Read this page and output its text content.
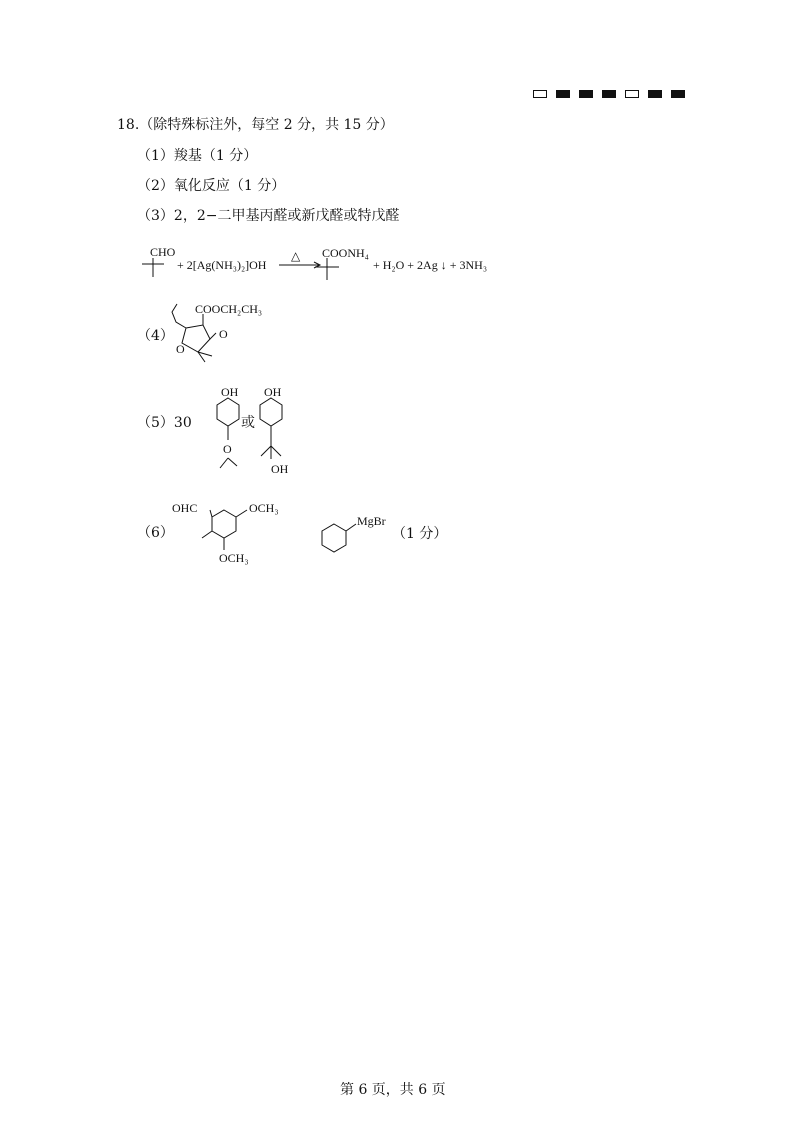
18.（除特殊标注外，每空 2 分，共 15 分）
（1）羧基（1 分）
（2）氧化反应（1 分）
（3）2，2−二甲基丙醛或新戊醛或特戊醛
CHO
+ 2[Ag(NH₃)₂]OH
△ COONH₄
+ H₂O + 2Ag ↓ + 3NH₃
（4）
COOCH₂CH₃
O
O
（5）30
OH OH
或
O
OH
（6）
OHC	OCH₃
OCH₃
MgBr
（1 分）
第 6 页，共 6 页
